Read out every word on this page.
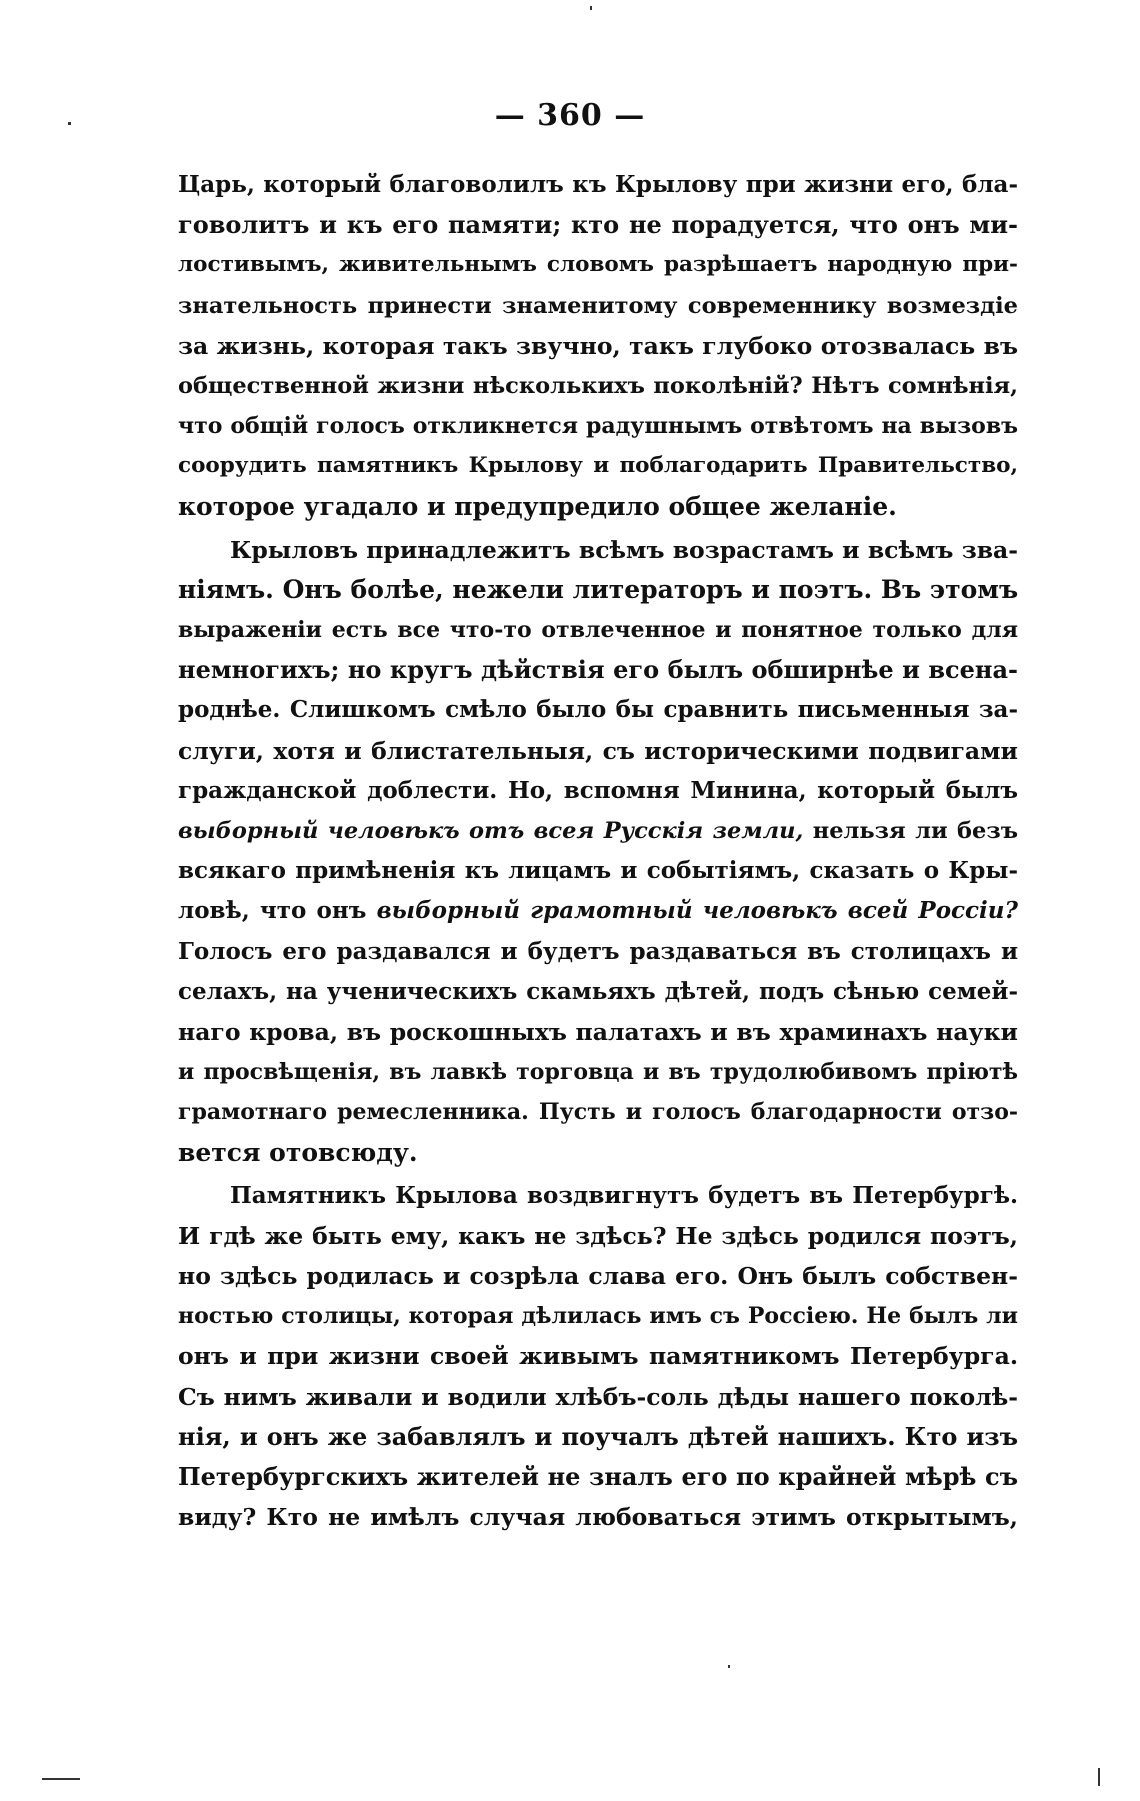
— 360 —
Царь, который благоволилъ къ Крылову при жизни его, бла-
говолитъ и къ его памяти; кто не порадуется, что онъ ми-
лостивымъ, живительнымъ словомъ разрѣшаетъ народную при-
знательность принести знаменитому современнику возмездіе
за жизнь, которая такъ звучно, такъ глубоко отозвалась въ
общественной жизни нѣсколькихъ поколѣній? Нѣтъ сомнѣнія,
что общій голосъ откликнется радушнымъ отвѣтомъ на вызовъ
соорудить памятникъ Крылову и поблагодарить Правительство,
которое угадало и предупредило общее желаніе.
Крыловъ принадлежитъ всѣмъ возрастамъ и всѣмъ зва-
ніямъ. Онъ болѣе, нежели литераторъ и поэтъ. Въ этомъ
выраженіи есть все что-то отвлеченное и понятное только для
немногихъ; но кругъ дѣйствія его былъ обширнѣе и всена-
роднѣе. Слишкомъ смѣло было бы сравнить письменныя за-
слуги, хотя и блистательныя, съ историческими подвигами
гражданской доблести. Но, вспомня Минина, который былъ
выборный человѣкъ отъ всея Русскія земли, нельзя ли безъ
всякаго примѣненія къ лицамъ и событіямъ, сказать о Кры-
ловѣ, что онъ выборный грамотный человѣкъ всей Россіи?
Голосъ его раздавался и будетъ раздаваться въ столицахъ и
селахъ, на ученическихъ скамьяхъ дѣтей, подъ сѣнью семей-
наго крова, въ роскошныхъ палатахъ и въ храминахъ науки
и просвѣщенія, въ лавкѣ торговца и въ трудолюбивомъ пріютѣ
грамотнаго ремесленника. Пусть и голосъ благодарности отзо-
вется отовсюду.
Памятникъ Крылова воздвигнутъ будетъ въ Петербургѣ.
И гдѣ же быть ему, какъ не здѣсь? Не здѣсь родился поэтъ,
но здѣсь родилась и созрѣла слава его. Онъ былъ собствен-
ностью столицы, которая дѣлилась имъ съ Россіею. Не былъ ли
онъ и при жизни своей живымъ памятникомъ Петербурга.
Съ нимъ живали и водили хлѣбъ-соль дѣды нашего поколѣ-
нія, и онъ же забавлялъ и поучалъ дѣтей нашихъ. Кто изъ
Петербургскихъ жителей не зналъ его по крайней мѣрѣ съ
виду? Кто не имѣлъ случая любоваться этимъ открытымъ,
